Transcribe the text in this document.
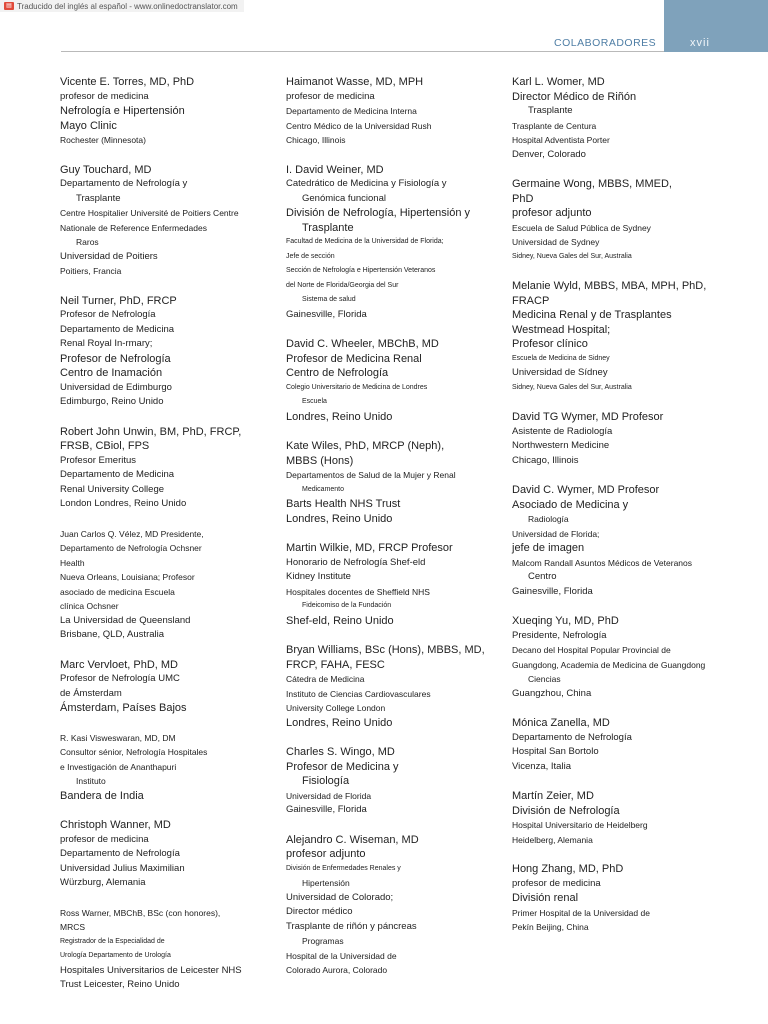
▤ Traducido del inglés al español - www.onlinedoctranslator.com
COLABORADORES	xvii
Vicente E. Torres, MD, PhD
profesor de medicina
Nefrología e Hipertensión
Mayo Clinic
Rochester (Minnesota)
Guy Touchard, MD
Departamento de Nefrología y
Trasplante
Centre Hospitalier Université de Poitiers Centre
Nationale de Reference Enfermedades
Raros
Universidad de Poitiers
Poitiers, Francia
Neil Turner, PhD, FRCP
Profesor de Nefrología
Departamento de Medicina
Renal Royal In-rmary;
Profesor de Nefrología
Centro de Inamación
Universidad de Edimburgo
Edimburgo, Reino Unido
Robert John Unwin, BM, PhD, FRCP,
FRSB, CBiol, FPS
Profesor Emeritus
Departamento de Medicina
Renal University College
London Londres, Reino Unido
Juan Carlos Q. Vélez, MD Presidente,
Departamento de Nefrología Ochsner
Health
Nueva Orleans, Louisiana; Profesor
asociado de medicina Escuela
clínica Ochsner
La Universidad de Queensland
Brisbane, QLD, Australia
Marc Vervloet, PhD, MD
Profesor de Nefrología UMC
de Ámsterdam
Ámsterdam, Países Bajos
R. Kasi Visweswaran, MD, DM
Consultor sénior, Nefrología Hospitales
e Investigación de Ananthapuri
Instituto
Bandera de India
Christoph Wanner, MD
profesor de medicina
Departamento de Nefrología
Universidad Julius Maximilian
Würzburg, Alemania
Ross Warner, MBChB, BSc (con honores),
MRCS
Registrador de la Especialidad de
Urología Departamento de Urología
Hospitales Universitarios de Leicester NHS
Trust Leicester, Reino Unido
Haimanot Wasse, MD, MPH
profesor de medicina
Departamento de Medicina Interna
Centro Médico de la Universidad Rush
Chicago, Illinois
I. David Weiner, MD
Catedrático de Medicina y Fisiología y
Genómica funcional
División de Nefrología, Hipertensión y
Trasplante
Facultad de Medicina de la Universidad de Florida;
Jefe de sección
Sección de Nefrología e Hipertensión Veteranos
del Norte de Florida/Georgia del Sur
Sistema de salud
Gainesville, Florida
David C. Wheeler, MBChB, MD
Profesor de Medicina Renal
Centro de Nefrología
Colegio Universitario de Medicina de Londres
Escuela
Londres, Reino Unido
Kate Wiles, PhD, MRCP (Neph),
MBBS (Hons)
Departamentos de Salud de la Mujer y Renal
Medicamento
Barts Health NHS Trust
Londres, Reino Unido
Martin Wilkie, MD, FRCP Profesor
Honorario de Nefrología Shef-eld
Kidney Institute
Hospitales docentes de Sheffield NHS
Fideicomiso de la Fundación
Shef-eld, Reino Unido
Bryan Williams, BSc (Hons), MBBS, MD,
FRCP, FAHA, FESC
Cátedra de Medicina
Instituto de Ciencias Cardiovasculares
University College London
Londres, Reino Unido
Charles S. Wingo, MD
Profesor de Medicina y
Fisiología
Universidad de Florida
Gainesville, Florida
Alejandro C. Wiseman, MD
profesor adjunto
División de Enfermedades Renales y
Hipertensión
Universidad de Colorado;
Director médico
Trasplante de riñón y páncreas
Programas
Hospital de la Universidad de
Colorado Aurora, Colorado
Karl L. Womer, MD
Director Médico de Riñón
Trasplante
Trasplante de Centura
Hospital Adventista Porter
Denver, Colorado
Germaine Wong, MBBS, MMED,
PhD
profesor adjunto
Escuela de Salud Pública de Sydney
Universidad de Sydney
Sidney, Nueva Gales del Sur, Australia
Melanie Wyld, MBBS, MBA, MPH, PhD,
FRACP
Medicina Renal y de Trasplantes
Westmead Hospital;
Profesor clínico
Escuela de Medicina de Sidney
Universidad de Sídney
Sidney, Nueva Gales del Sur, Australia
David TG Wymer, MD Profesor
Asistente de Radiología
Northwestern Medicine
Chicago, Illinois
David C. Wymer, MD Profesor
Asociado de Medicina y
Radiología
Universidad de Florida;
jefe de imagen
Malcom Randall Asuntos Médicos de Veteranos
Centro
Gainesville, Florida
Xueqing Yu, MD, PhD
Presidente, Nefrología
Decano del Hospital Popular Provincial de
Guangdong, Academia de Medicina de Guangdong
Ciencias
Guangzhou, China
Mónica Zanella, MD
Departamento de Nefrología
Hospital San Bortolo
Vicenza, Italia
Martín Zeier, MD
División de Nefrología
Hospital Universitario de Heidelberg
Heidelberg, Alemania
Hong Zhang, MD, PhD
profesor de medicina
División renal
Primer Hospital de la Universidad de
Pekín Beijing, China
